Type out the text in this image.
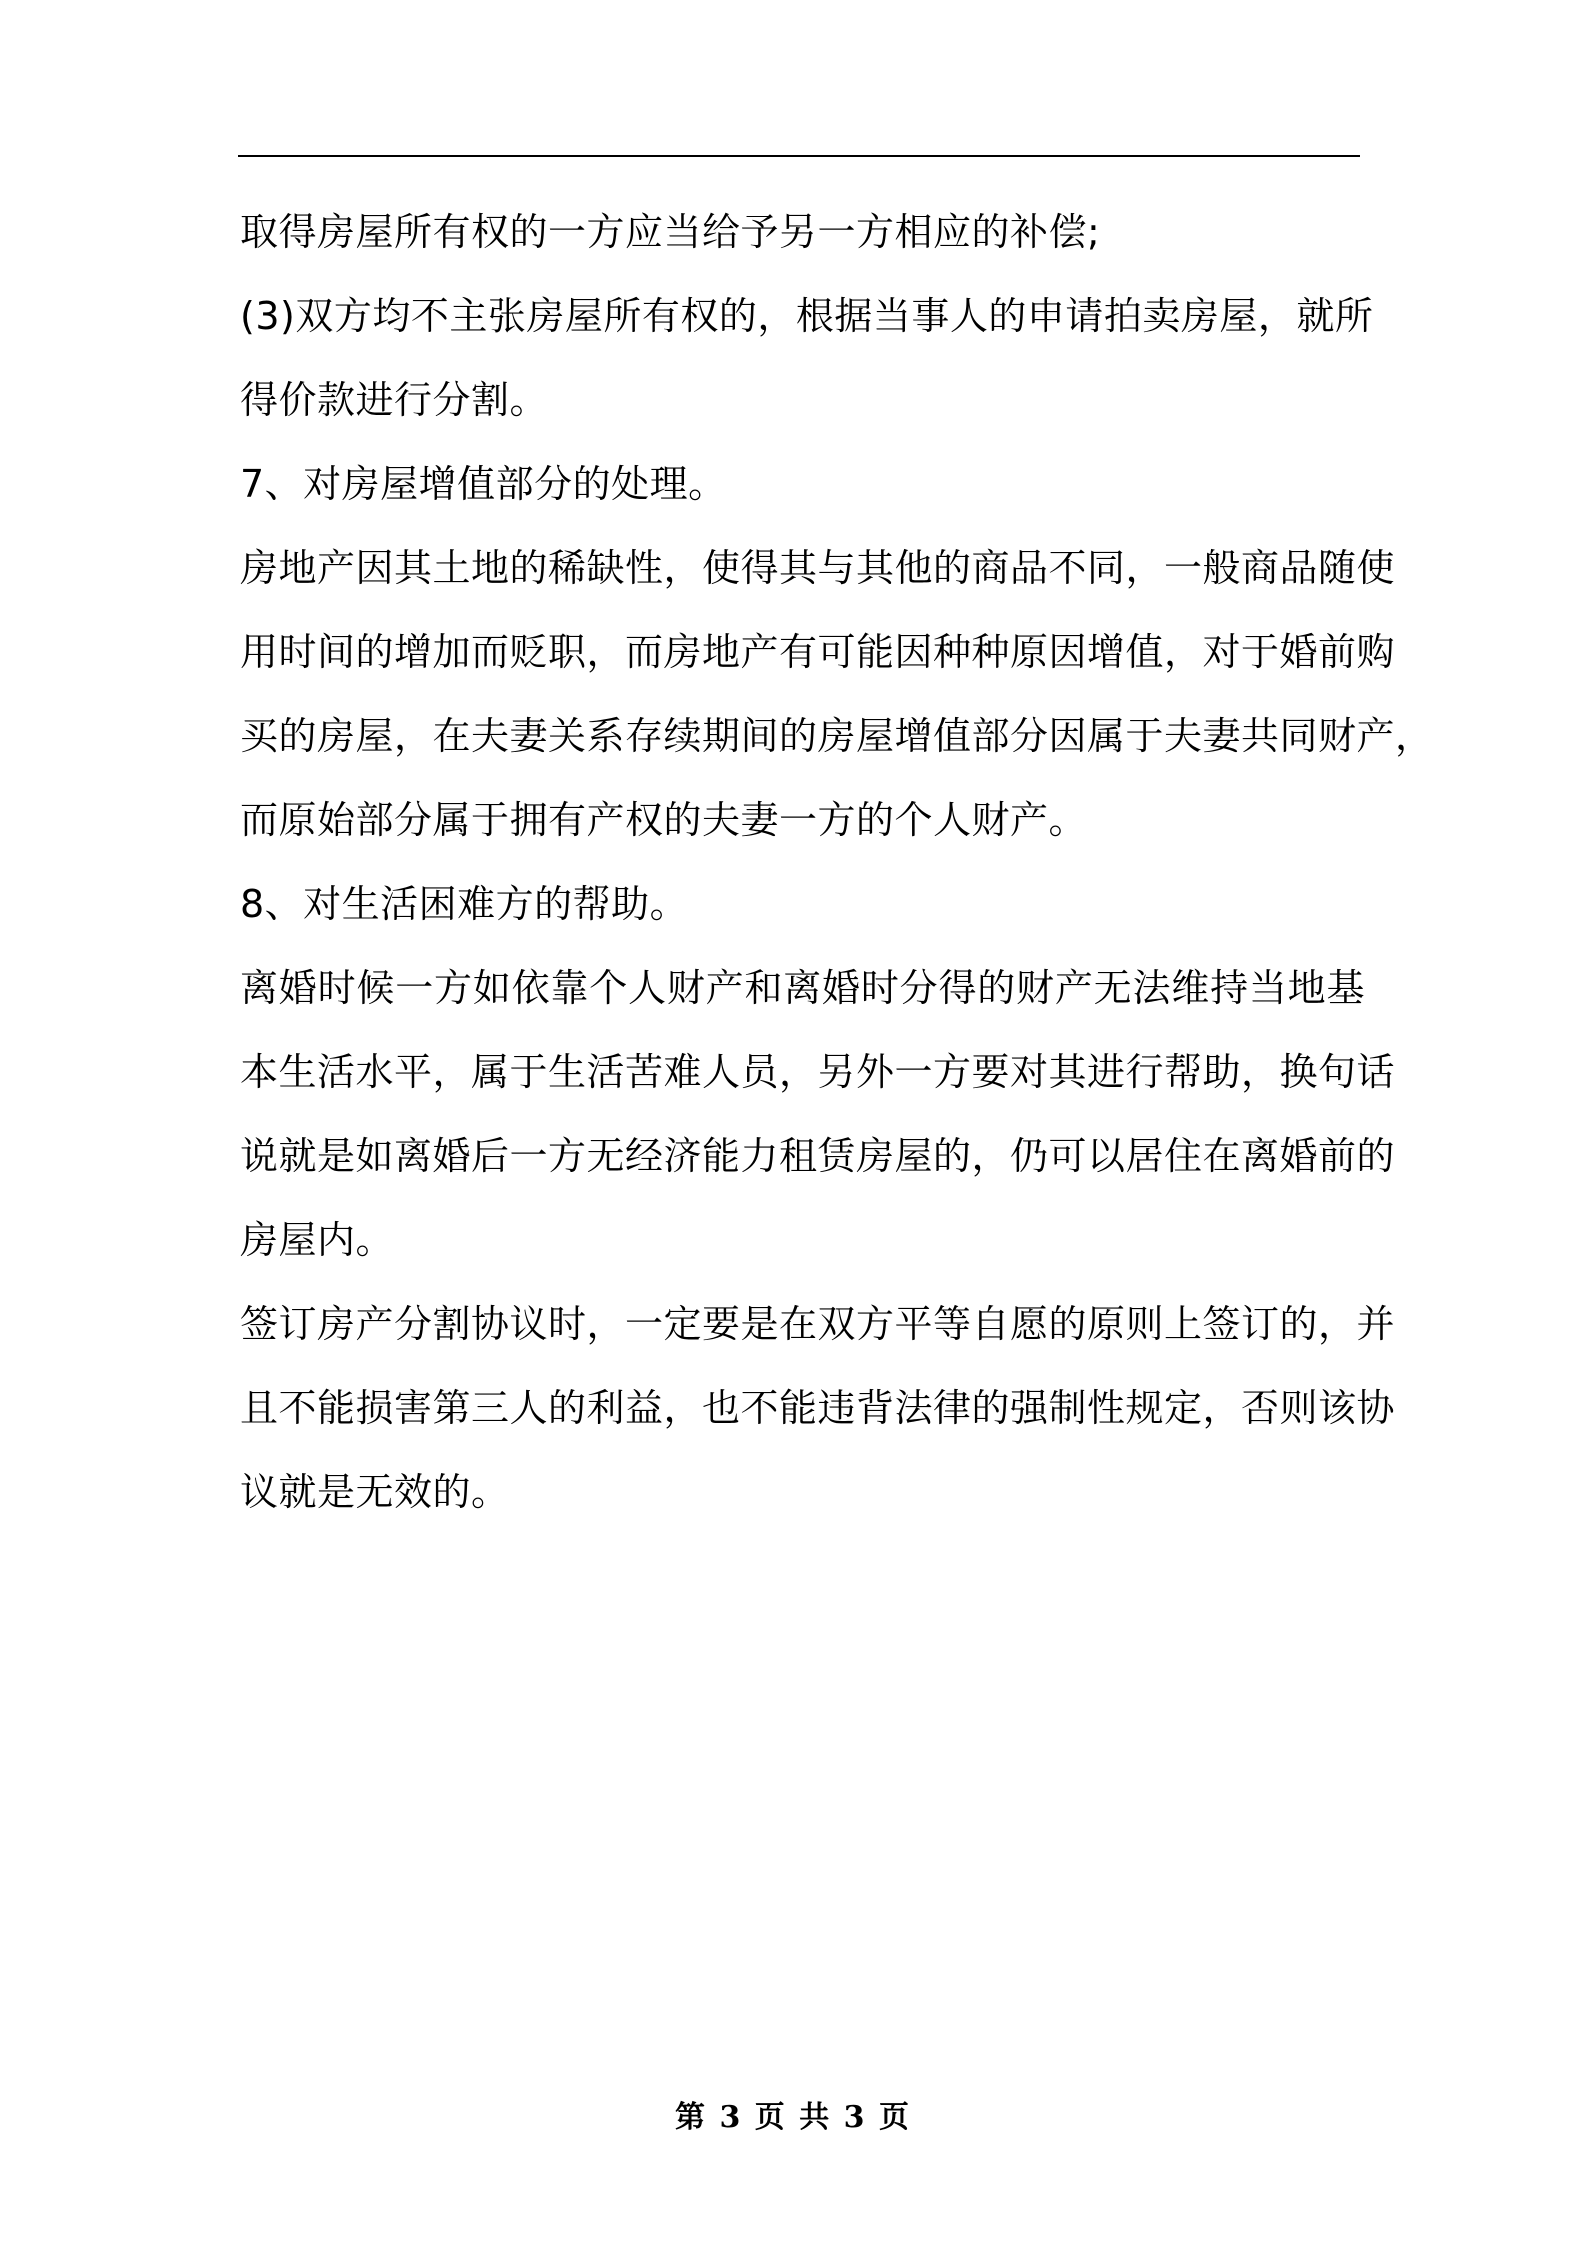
取得房屋所有权的一方应当给予另一方相应的补偿;
(3)双方均不主张房屋所有权的，根据当事人的申请拍卖房屋，就所
得价款进行分割。
7、对房屋增值部分的处理。
房地产因其土地的稀缺性，使得其与其他的商品不同，一般商品随使
用时间的增加而贬职，而房地产有可能因种种原因增值，对于婚前购
买的房屋，在夫妻关系存续期间的房屋增值部分因属于夫妻共同财产，
而原始部分属于拥有产权的夫妻一方的个人财产。
8、对生活困难方的帮助。
离婚时候一方如依靠个人财产和离婚时分得的财产无法维持当地基
本生活水平，属于生活苦难人员，另外一方要对其进行帮助，换句话
说就是如离婚后一方无经济能力租赁房屋的，仍可以居住在离婚前的
房屋内。
签订房产分割协议时，一定要是在双方平等自愿的原则上签订的，并
且不能损害第三人的利益，也不能违背法律的强制性规定，否则该协
议就是无效的。
第 3 页 共 3 页
